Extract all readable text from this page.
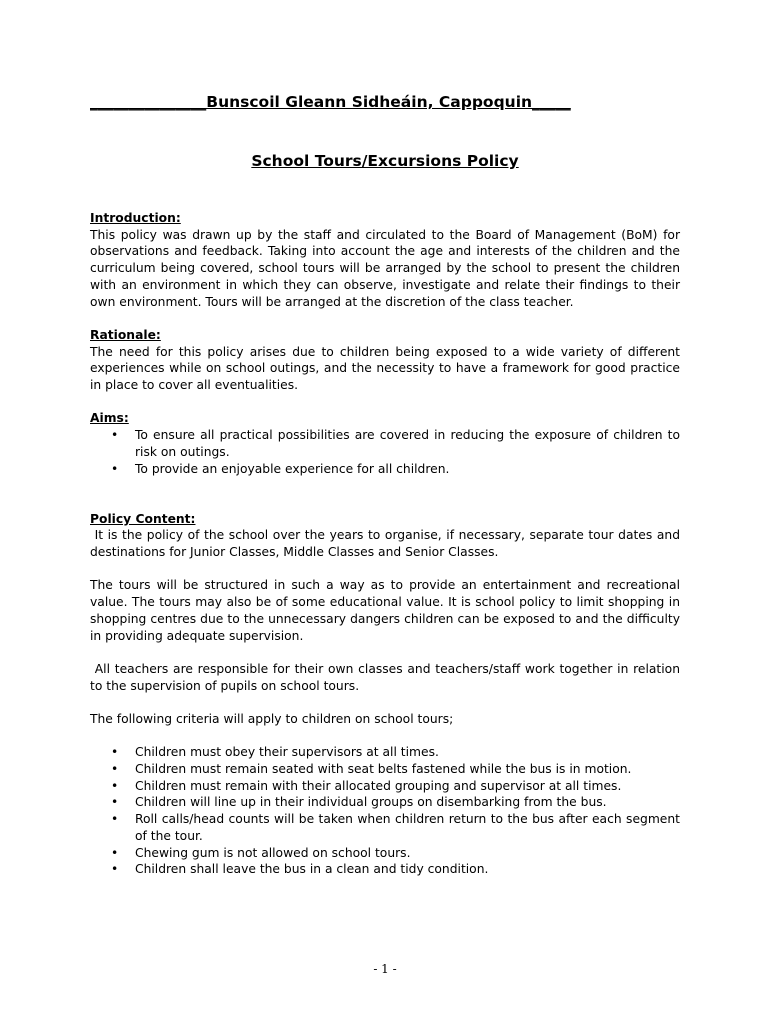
_______________Bunscoil Gleann Sidheáin, Cappoquin_____
School Tours/Excursions Policy

Introduction:

This policy was drawn up by the staff and circulated to the Board of Management (BoM) for observations and feedback. Taking into account the age and interests of the children and the curriculum being covered, school tours will be arranged by the school to present the children with an environment in which they can observe, investigate and relate their findings to their own environment. Tours will be arranged at the discretion of the class teacher.

Rationale:

The need for this policy arises due to children being exposed to a wide variety of different experiences while on school outings, and the necessity to have a framework for good practice in place to cover all eventualities.

Aims:

• To ensure all practical possibilities are covered in reducing the exposure of children to risk on outings.
• To provide an enjoyable experience for all children.

Policy Content:

It is the policy of the school over the years to organise, if necessary, separate tour dates and destinations for Junior Classes, Middle Classes and Senior Classes.

The tours will be structured in such a way as to provide an entertainment and recreational value. The tours may also be of some educational value. It is school policy to limit shopping in shopping centres due to the unnecessary dangers children can be exposed to and the difficulty in providing adequate supervision.

All teachers are responsible for their own classes and teachers/staff work together in relation to the supervision of pupils on school tours.

The following criteria will apply to children on school tours;

• Children must obey their supervisors at all times.
• Children must remain seated with seat belts fastened while the bus is in motion.
• Children must remain with their allocated grouping and supervisor at all times.
• Children will line up in their individual groups on disembarking from the bus.
• Roll calls/head counts will be taken when children return to the bus after each segment of the tour.
• Chewing gum is not allowed on school tours.
• Children shall leave the bus in a clean and tidy condition.
- 1 -
